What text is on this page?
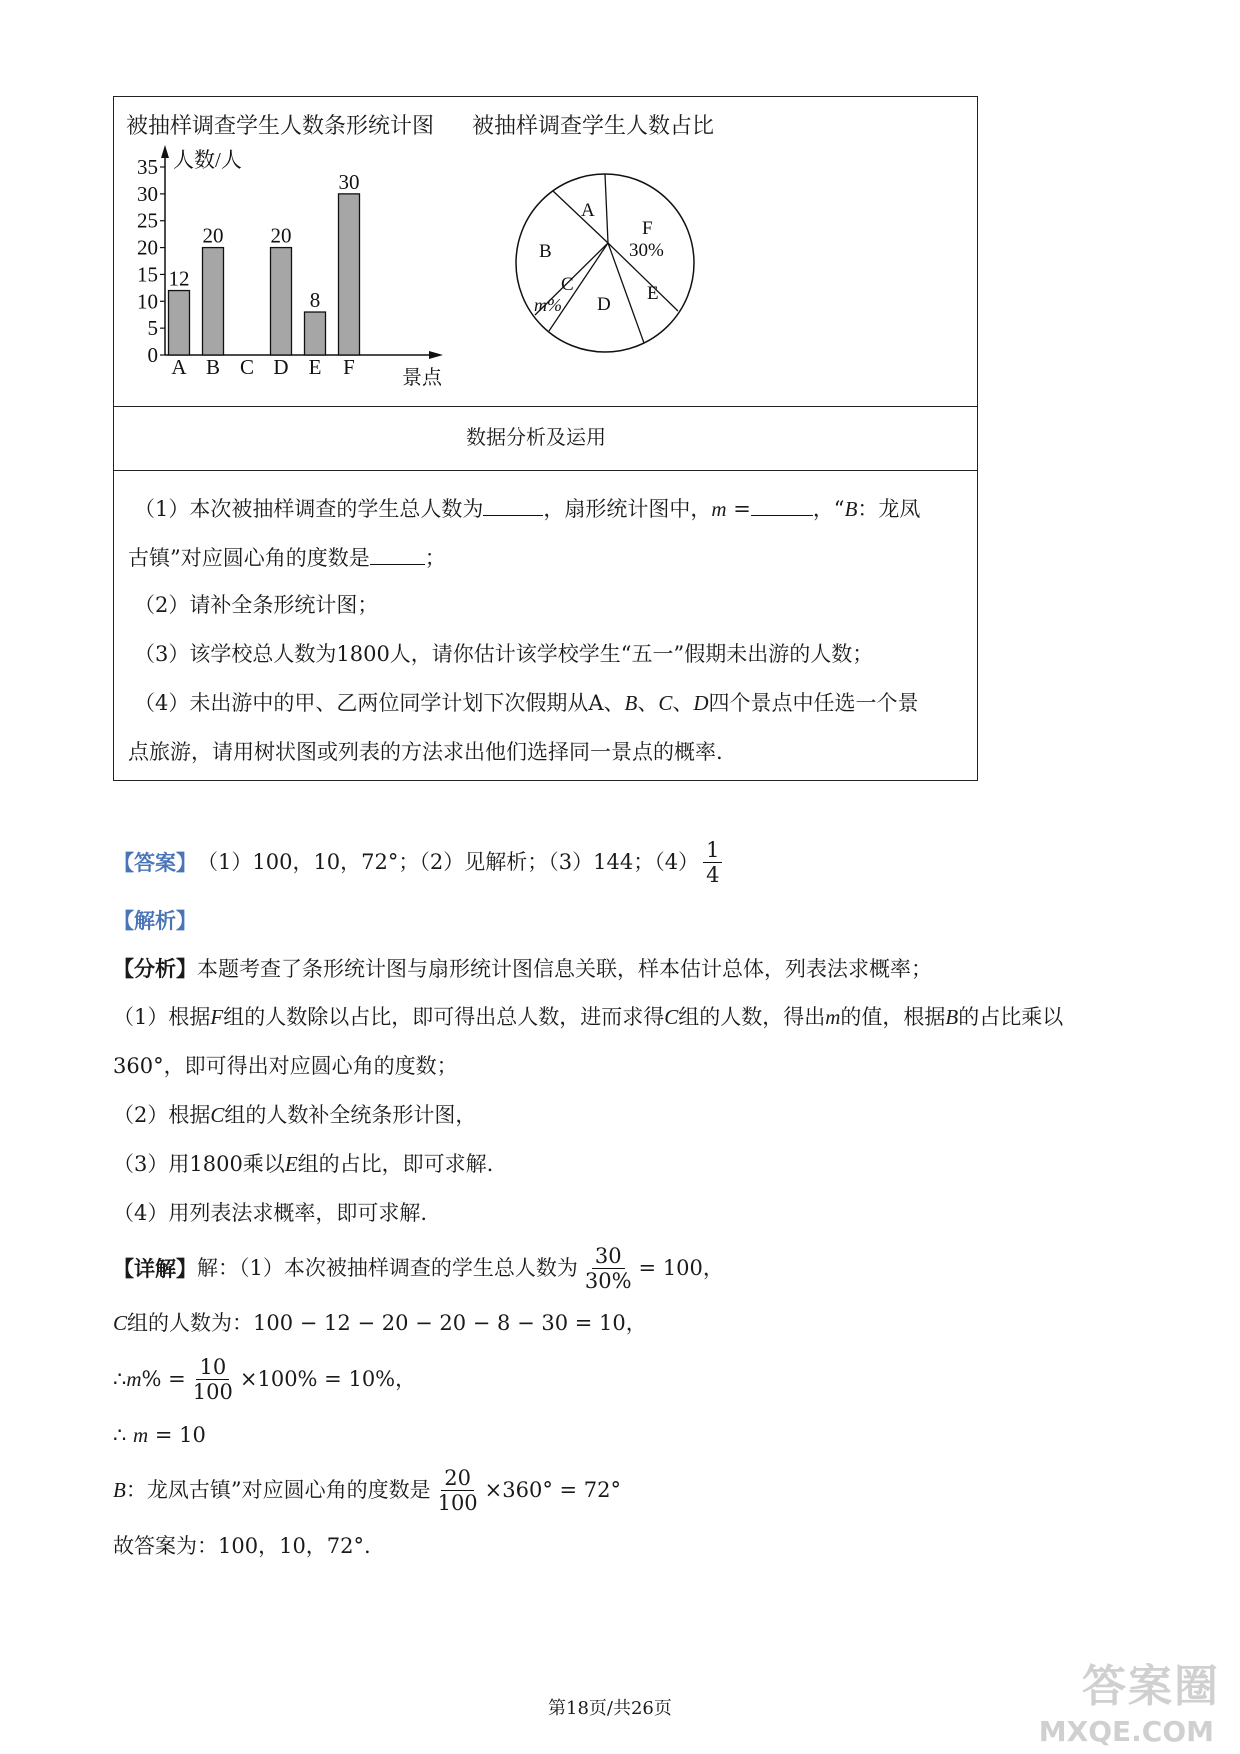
被抽样调查学生人数条形统计图 被抽样调查学生人数占比
人数/人
景点
0
5
10
15
20
25
30
35
12
A
20
B C
20
D
8
E
30
F
A
F
30%
E
D
C
m%
B
数据分析及运用
（1）本次被抽样调查的学生总人数为	，扇形统计图中，m =	，“B：龙凤
古镇”对应圆心角的度数是	；
（2）请补全条形统计图；
（3）该学校总人数为1800人，请你估计该学校学生“五一”假期未出游的人数；
（4）未出游中的甲、乙两位同学计划下次假期从A、B、C、D四个景点中任选一个景
点旅游，请用树状图或列表的方法求出他们选择同一景点的概率.
【答案】 （1）100，10，72°；（2）见解析；（3）144；$(4) \frac{1}{4}$
【解析】
【分析】本题考查了条形统计图与扇形统计图信息关联，样本估计总体，列表法求概率；
（1）根据F组的人数除以占比，即可得出总人数，进而求得C组的人数，得出m的值，根据B的占比乘以
360°，即可得出对应圆心角的度数；
（2）根据C组的人数补全统条形计图，
（3）用1800乘以E组的占比，即可求解.
（4）用列表法求概率，即可求解.
【详解】 解：（1）本次被抽样调查的学生总人数为 $\frac{30}{30\%} = 100$，
C组的人数为：100 − 12 − 20 − 20 − 8 − 30 = 10，
∴ m % = $\frac{10}{100} \times 100\% = 10\%$，
∴ m = 10
B ：龙凤古镇”对应圆心角的度数是 $\frac{20}{100} \times 360^\circ = 72^\circ$
故答案为：100，10，72°.
第18页/共26页	答案圈
MXQE.COM
